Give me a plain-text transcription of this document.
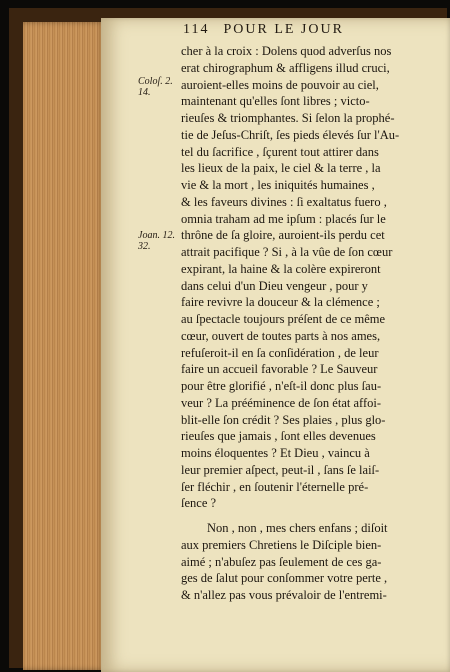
114 POUR LE JOUR
Coloſ. 2.
14.
Joan. 12.
32.
cher à la croix : Dolens quod adverſus nos
erat chirographum & affligens illud cruci,
auroient-elles moins de pouvoir au ciel,
maintenant qu'elles ſont libres ; victo-
rieuſes & triomphantes. Si ſelon la prophé-
tie de Jeſus-Chriſt, ſes pieds élevés ſur l'Au-
tel du ſacrifice , ſçurent tout attirer dans
les lieux de la paix, le ciel & la terre , la
vie & la mort , les iniquités humaines ,
& les faveurs divines : ſi exaltatus fuero ,
omnia traham ad me ipſum : placés ſur le
thrône de ſa gloire, auroient-ils perdu cet
attrait pacifique ? Si , à la vûe de ſon cœur
expirant, la haine & la colère expireront
dans celui d'un Dieu vengeur , pour y
faire revivre la douceur & la clémence ;
au ſpectacle toujours préſent de ce même
cœur, ouvert de toutes parts à nos ames,
refuſeroit-il en ſa conſidération , de leur
faire un accueil favorable ? Le Sauveur
pour être glorifié , n'eſt-il donc plus ſau-
veur ? La prééminence de ſon état affoi-
blit-elle ſon crédit ? Ses plaies , plus glo-
rieuſes que jamais , ſont elles devenues
moins éloquentes ? Et Dieu , vaincu à
leur premier aſpect, peut-il , ſans ſe laiſ-
ſer fléchir , en ſoutenir l'éternelle pré-
ſence ?
Non , non , mes chers enfans ; diſoit
aux premiers Chretiens le Diſciple bien-
aimé ; n'abuſez pas ſeulement de ces ga-
ges de ſalut pour conſommer votre perte ,
& n'allez pas vous prévaloir de l'entremi-
